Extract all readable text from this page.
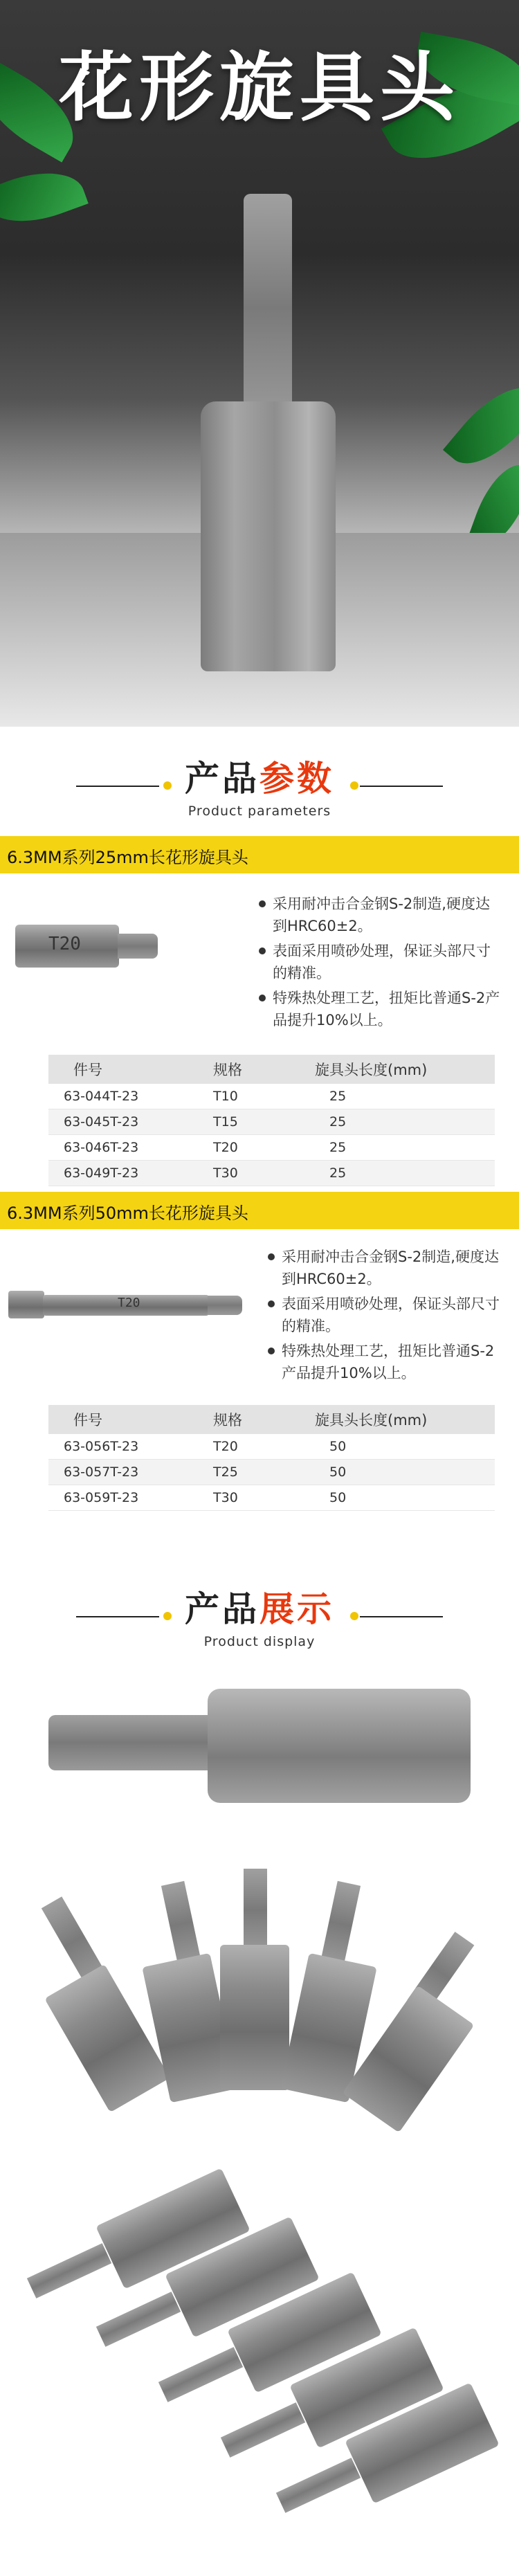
花形旋具头
产品参数
Product parameters
6.3MM系列25mm长花形旋具头
T20
采用耐冲击合金钢S-2制造,硬度达到HRC60±2。
表面采用喷砂处理，保证头部尺寸的精准。
特殊热处理工艺，扭矩比普通S-2产品提升10%以上。
件号	规格	旋具头长度(mm)
63-044T-23	T10	25
63-045T-23	T15	25
63-046T-23	T20	25
63-049T-23	T30	25

6.3MM系列50mm长花形旋具头
T20
采用耐冲击合金钢S-2制造,硬度达到HRC60±2。
表面采用喷砂处理，保证头部尺寸的精准。
特殊热处理工艺，扭矩比普通S-2产品提升10%以上。
件号	规格	旋具头长度(mm)
63-056T-23	T20	50
63-057T-23	T25	50
63-059T-23	T30	50
产品展示
Product display
